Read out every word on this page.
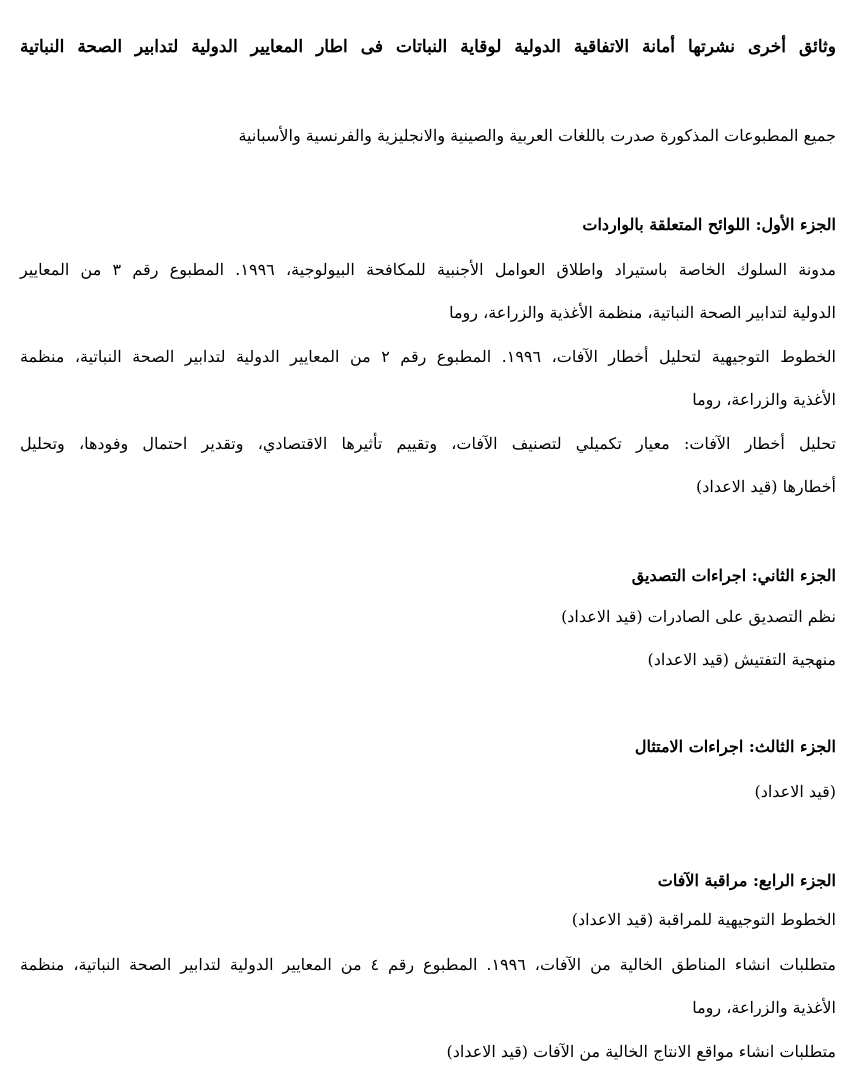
وثائق أخرى نشرتها أمانة الاتفاقية الدولية لوقاية النباتات فى اطار المعايير الدولية لتدابير الصحة النباتية
جميع المطبوعات المذكورة صدرت باللغات العربية والصينية والانجليزية والفرنسية والأسبانية
الجزء الأول: اللوائح المتعلقة بالواردات
مدونة السلوك الخاصة باستيراد واطلاق العوامل الأجنبية للمكافحة البيولوجية، ١٩٩٦. المطبوع رقم ٣ من المعايير
الدولية لتدابير الصحة النباتية، منظمة الأغذية والزراعة، روما
الخطوط التوجيهية لتحليل أخطار الآفات، ١٩٩٦. المطبوع رقم ٢ من المعايير الدولية لتدابير الصحة النباتية، منظمة
الأغذية والزراعة، روما
تحليل أخطار الآفات: معيار تكميلي لتصنيف الآفات، وتقييم تأثيرها الاقتصادي، وتقدير احتمال وفودها، وتحليل
أخطارها (قيد الاعداد)
الجزء الثاني: اجراءات التصديق
نظم التصديق على الصادرات (قيد الاعداد)
منهجية التفتيش (قيد الاعداد)
الجزء الثالث: اجراءات الامتثال
(قيد الاعداد)
الجزء الرابع: مراقبة الآفات
الخطوط التوجيهية للمراقبة (قيد الاعداد)
متطلبات انشاء المناطق الخالية من الآفات، ١٩٩٦. المطبوع رقم ٤ من المعايير الدولية لتدابير الصحة النباتية، منظمة
الأغذية والزراعة، روما
متطلبات انشاء مواقع الانتاج الخالية من الآفات (قيد الاعداد)
